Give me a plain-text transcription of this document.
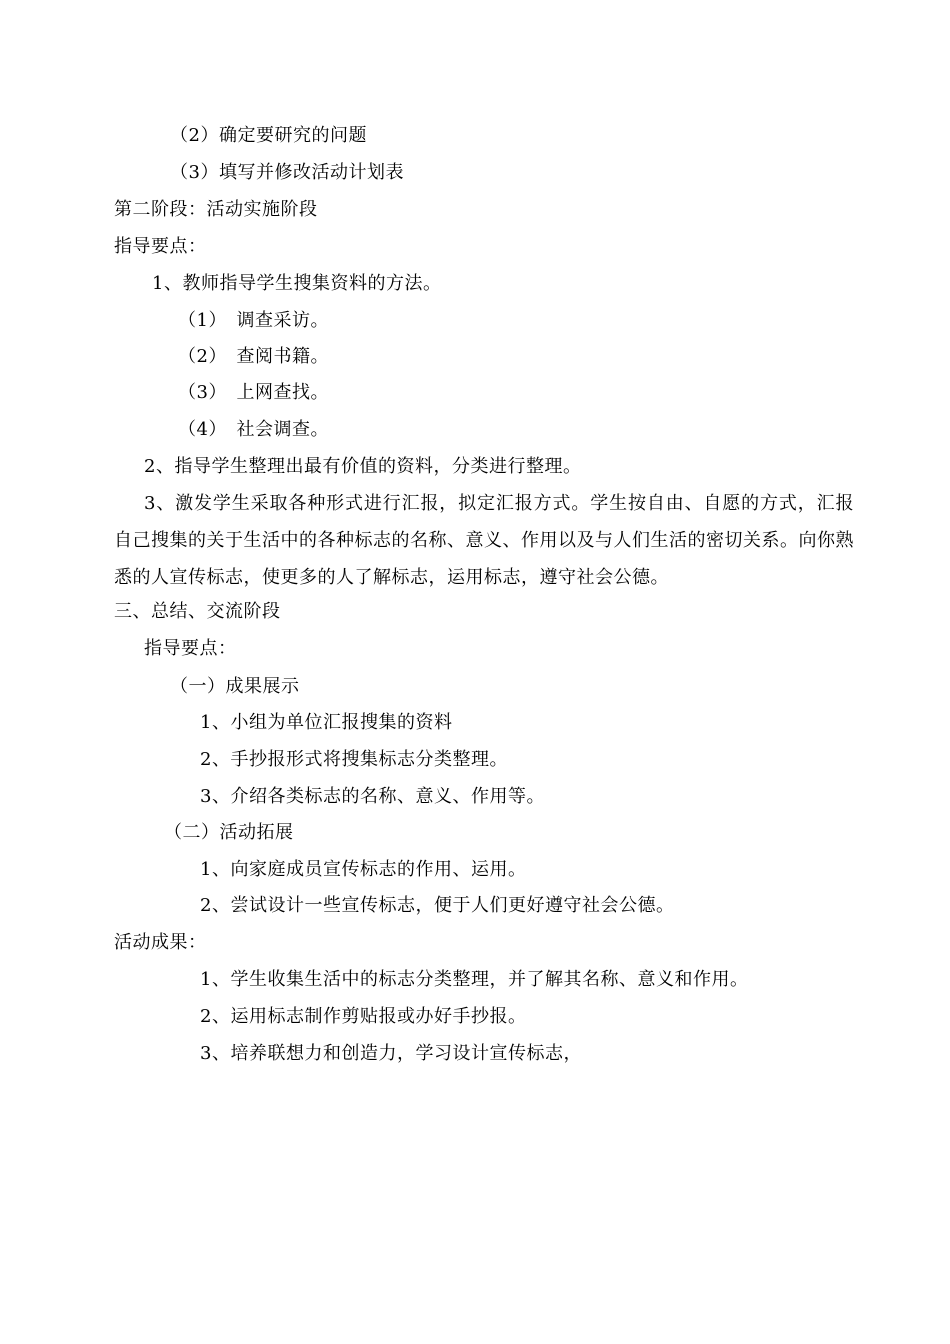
（2）确定要研究的问题
（3）填写并修改活动计划表
第二阶段：活动实施阶段
指导要点：
1、教师指导学生搜集资料的方法。
（1）　调查采访。
（2）　查阅书籍。
（3）　上网查找。
（4）　社会调查。
2、指导学生整理出最有价值的资料，分类进行整理。
3、激发学生采取各种形式进行汇报，拟定汇报方式。学生按自由、自愿的方式，汇报自己搜集的关于生活中的各种标志的名称、意义、作用以及与人们生活的密切关系。向你熟悉的人宣传标志，使更多的人了解标志，运用标志，遵守社会公德。
三、总结、交流阶段
指导要点：
（一）成果展示
1、小组为单位汇报搜集的资料
2、手抄报形式将搜集标志分类整理。
3、介绍各类标志的名称、意义、作用等。
（二）活动拓展
1、向家庭成员宣传标志的作用、运用。
2、尝试设计一些宣传标志，便于人们更好遵守社会公德。
活动成果：
1、学生收集生活中的标志分类整理，并了解其名称、意义和作用。
2、运用标志制作剪贴报或办好手抄报。
3、培养联想力和创造力，学习设计宣传标志，
